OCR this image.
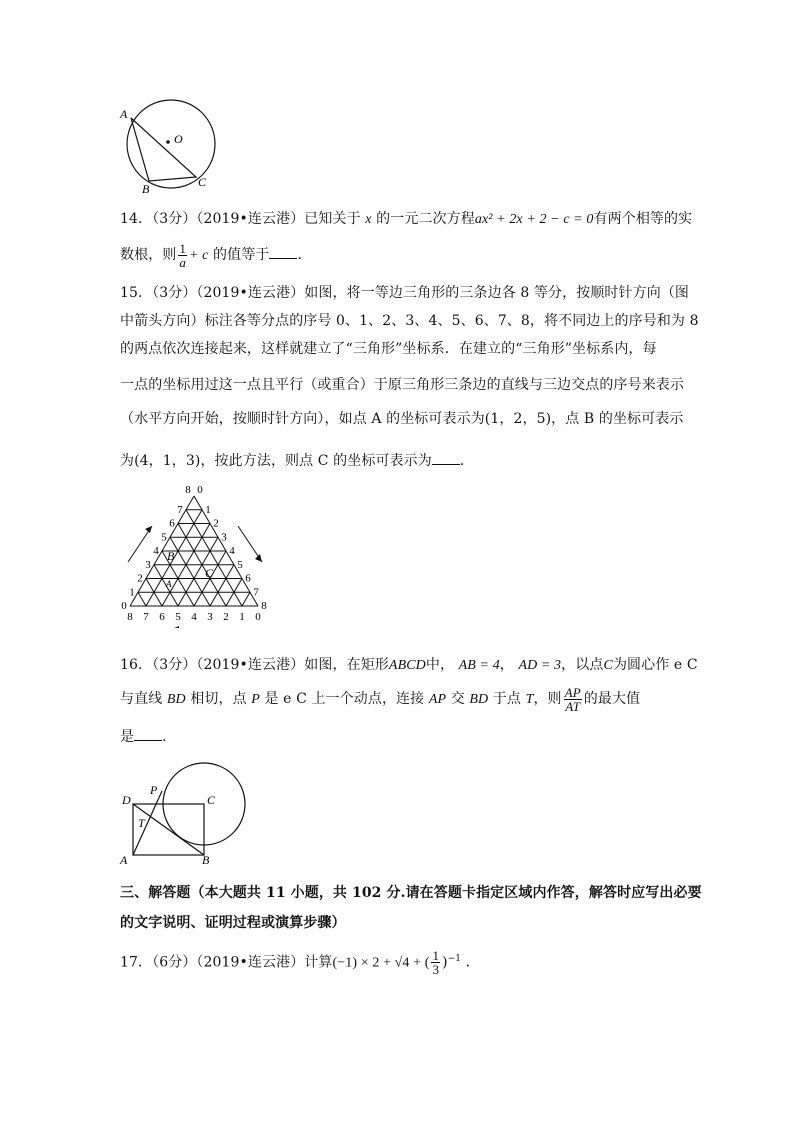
A
O
B	C
14．（3分）（2019•连云港）已知关于 x 的一元二次方程ax² + 2x + 2 − c = 0有两个相等的实
数根，则 $\frac{1}{a} + c$ 的值等于 ．
15．（3分）（2019•连云港）如图，将一等边三角形的三条边各 8 等分，按顺时针方向（图
中箭头方向）标注各等分点的序号 0、1、2、3、4、5、6、7、8，将不同边上的序号和为 8
的两点依次连接起来，这样就建立了“三角形”坐标系．在建立的“三角形”坐标系内，每
一点的坐标用过这一点且平行（或重合）于原三角形三条边的直线与三边交点的序号来表示
（水平方向开始，按顺时针方向），如点 A 的坐标可表示为(1，2，5)，点 B 的坐标可表示
为(4，1，3)，按此方法，则点 C 的坐标可表示为 ．
8 0
7
6
5
4
3
2
1
0
1
2
3
4
5
6
7
8
8 7 6 5 4 3 2 1 0
B
A
C
16．（3分）（2019•连云港）如图，在矩形ABCD中， AB = 4， AD = 3，以点C为圆心作 e C
与直线 BD 相切，点 P 是 e C 上一个动点，连接 AP 交 BD 于点 T，则 $\frac{AP}{AT}$ 的最大值
是 ．
D
P
C
T
A	B
三、解答题（本大题共 11 小题，共 102 分.请在答题卡指定区域内作答，解答时应写出必要
的文字说明、证明过程或演算步骤）
17．（6分）（2019•连云港）计算(−1) × 2 + √4 + ( $\frac{1}{3} )^{-1}$ ．
